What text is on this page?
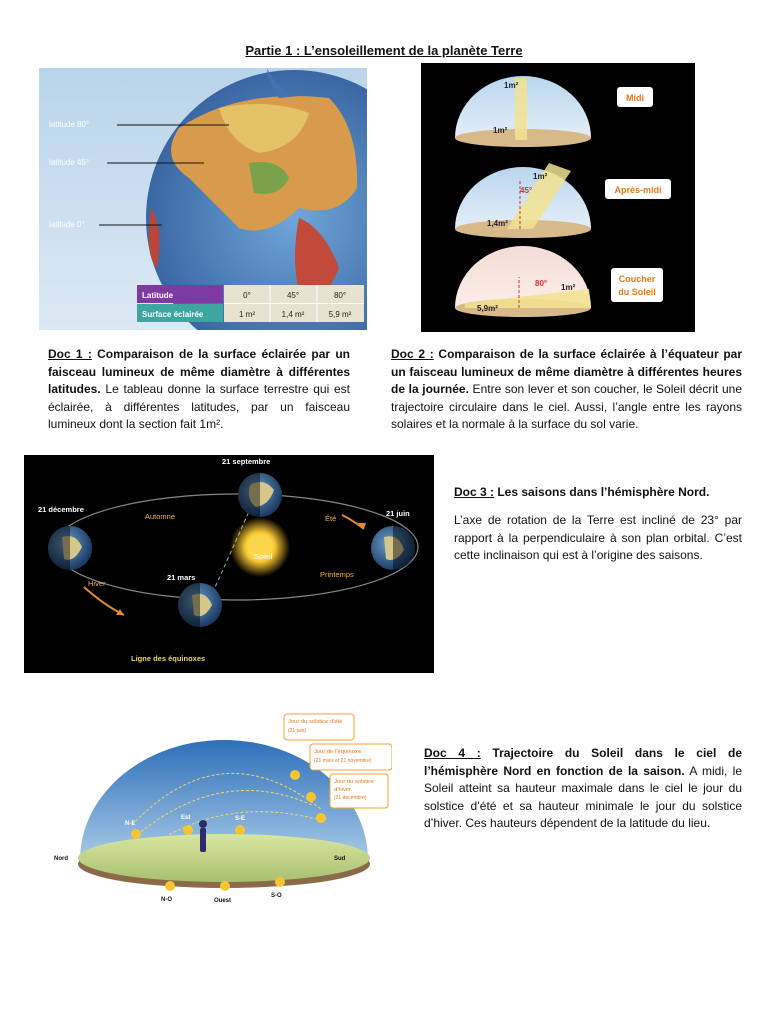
Partie 1 : L’ensoleillement de la planète Terre
latitude 80°
latitude 45°
latitude 0°
Latitude	0°	45°	80°
Surface éclairée	1 m²	1,4 m²	5,9 m²
1m²
1m²
Midi
1m²
45°
1,4m²
Après-midi
80° 1m²
5,9m²
Coucher
du Soleil
Doc 1 : Comparaison de la surface éclairée par un faisceau lumineux de même diamètre à différentes latitudes. Le tableau donne la surface terrestre qui est éclairée, à différentes latitudes, par un faisceau lumineux dont la section fait 1m².
Doc 2 : Comparaison de la surface éclairée à l’équateur par un faisceau lumineux de même diamètre à différentes heures de la journée. Entre son lever et son coucher, le Soleil décrit une trajectoire circulaire dans le ciel. Aussi, l’angle entre les rayons solaires et la normale à la surface du sol varie.
21 septembre
21 décembre	21 juin
21 mars
Automne	Été
Soleil
Hiver
Printemps
Ligne des équinoxes
Doc 3 : Les saisons dans l’hémisphère Nord.
L’axe de rotation de la Terre est incliné de 23° par rapport à la perpendiculaire à son plan orbital. C’est cette inclinaison qui est à l’origine des saisons.
Jour du solstice d’été
(21 juin)
Jour de l’équinoxe
(21 mars et 21 novembre)
Jour du solstice
d’hiver
(21 décembre)
N-E
Est	S-E
Nord	Sud
N-O	Ouest
S-O
Doc 4 : Trajectoire du Soleil dans le ciel de l’hémisphère Nord en fonction de la saison. A midi, le Soleil atteint sa hauteur maximale dans le ciel le jour du solstice d’été et sa hauteur minimale le jour du solstice d’hiver. Ces hauteurs dépendent de la latitude du lieu.
